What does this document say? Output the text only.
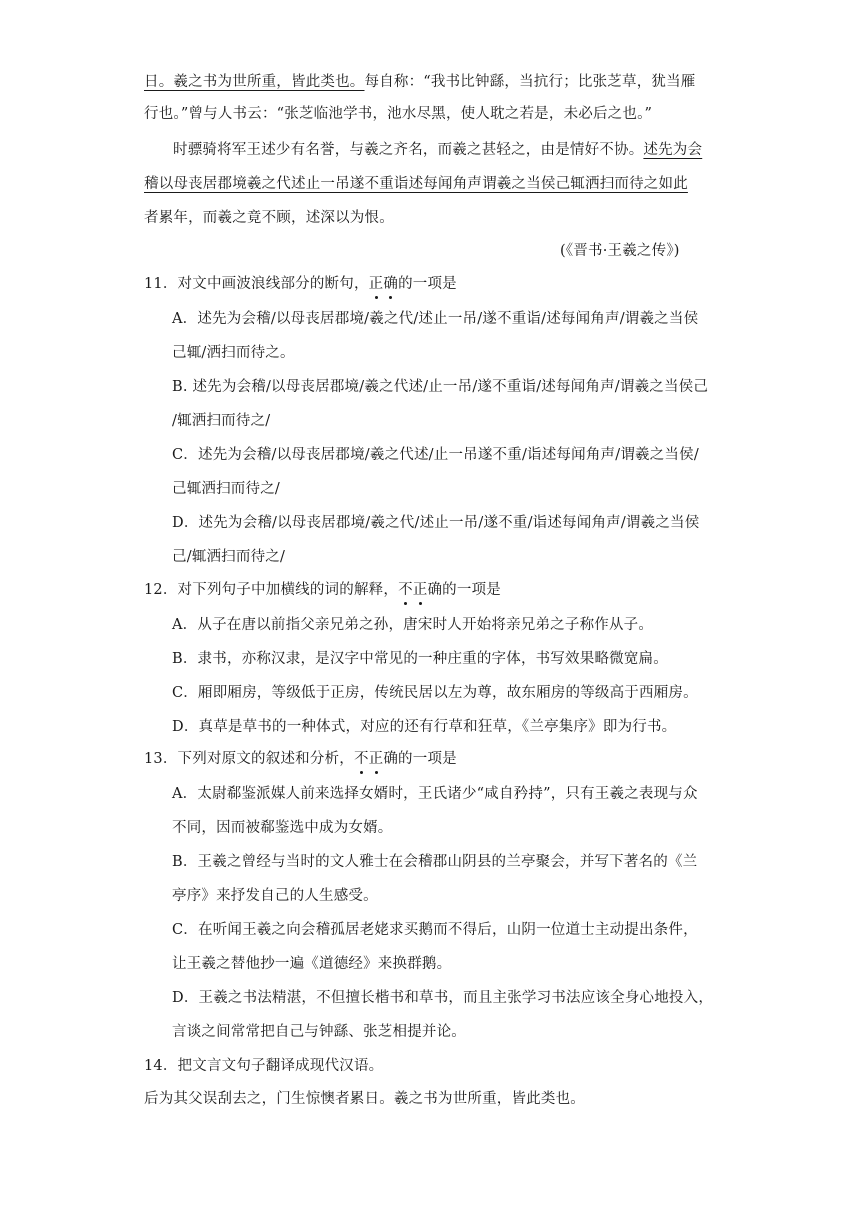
日。羲之书为世所重，皆此类也。每自称：“我书比钟繇，当抗行；比张芝草，犹当雁
行也。”曾与人书云：“张芝临池学书，池水尽黑，使人耽之若是，未必后之也。”
时骠骑将军王述少有名誉，与羲之齐名，而羲之甚轻之，由是情好不协。述先为会
稽以母丧居郡境羲之代述止一吊遂不重诣述每闻角声谓羲之当侯己辄洒扫而待之如此
者累年，而羲之竟不顾，述深以为恨。
(《晋书·王羲之传》)
11．对文中画波浪线部分的断句，正确的一项是
A．述先为会稽/以母丧居郡境/羲之代/述止一吊/遂不重诣/述每闻角声/谓羲之当侯
己辄/洒扫而待之。
B. 述先为会稽/以母丧居郡境/羲之代述/止一吊/遂不重诣/述每闻角声/谓羲之当侯己
/辄洒扫而待之/
C．述先为会稽/以母丧居郡境/羲之代述/止一吊遂不重/诣述每闻角声/谓羲之当侯/
己辄洒扫而待之/
D．述先为会稽/以母丧居郡境/羲之代/述止一吊/遂不重/诣述每闻角声/谓羲之当侯
己/辄洒扫而待之/
12．对下列句子中加横线的词的解释，不正确的一项是
A．从子在唐以前指父亲兄弟之孙，唐宋时人开始将亲兄弟之子称作从子。
B．隶书，亦称汉隶，是汉字中常见的一种庄重的字体，书写效果略微宽扁。
C．厢即厢房，等级低于正房，传统民居以左为尊，故东厢房的等级高于西厢房。
D．真草是草书的一种体式，对应的还有行草和狂草，《兰亭集序》即为行书。
13．下列对原文的叙述和分析，不正确的一项是
A．太尉郗鉴派媒人前来选择女婿时，王氏诸少“咸自矜持”，只有王羲之表现与众
不同，因而被郗鉴选中成为女婿。
B．王羲之曾经与当时的文人雅士在会稽郡山阴县的兰亭聚会，并写下著名的《兰
亭序》来抒发自己的人生感受。
C．在听闻王羲之向会稽孤居老姥求买鹅而不得后，山阴一位道士主动提出条件，
让王羲之替他抄一遍《道德经》来换群鹅。
D．王羲之书法精湛，不但擅长楷书和草书，而且主张学习书法应该全身心地投入，
言谈之间常常把自己与钟繇、张芝相提并论。
14．把文言文句子翻译成现代汉语。
后为其父误刮去之，门生惊懊者累日。羲之书为世所重，皆此类也。
